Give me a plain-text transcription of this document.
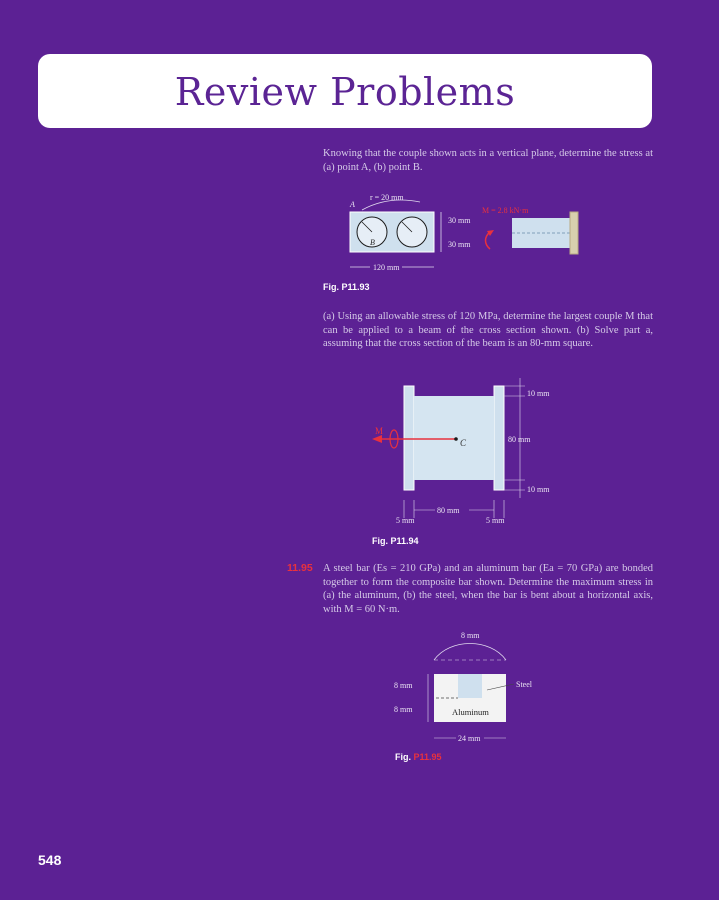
Review Problems
Knowing that the couple shown acts in a vertical plane, determine the stress at (a) point A, (b) point B.
r = 20 mm
A
B
30 mm
30 mm
120 mm
M = 2.8 kN·m
Fig. P11.93
(a) Using an allowable stress of 120 MPa, determine the largest couple M that can be applied to a beam of the cross section shown. (b) Solve part a, assuming that the cross section of the beam is an 80-mm square.
M
C
10 mm
80 mm
10 mm
80 mm
5 mm	5 mm
Fig. P11.94
11.95 A steel bar (Es = 210 GPa) and an aluminum bar (Ea = 70 GPa) are bonded together to form the composite bar shown. Determine the maximum stress in (a) the aluminum, (b) the steel, when the bar is bent about a horizontal axis, with M = 60 N·m.
8 mm
Steel
Aluminum
8 mm
8 mm
24 mm
Fig. P11.95
548
